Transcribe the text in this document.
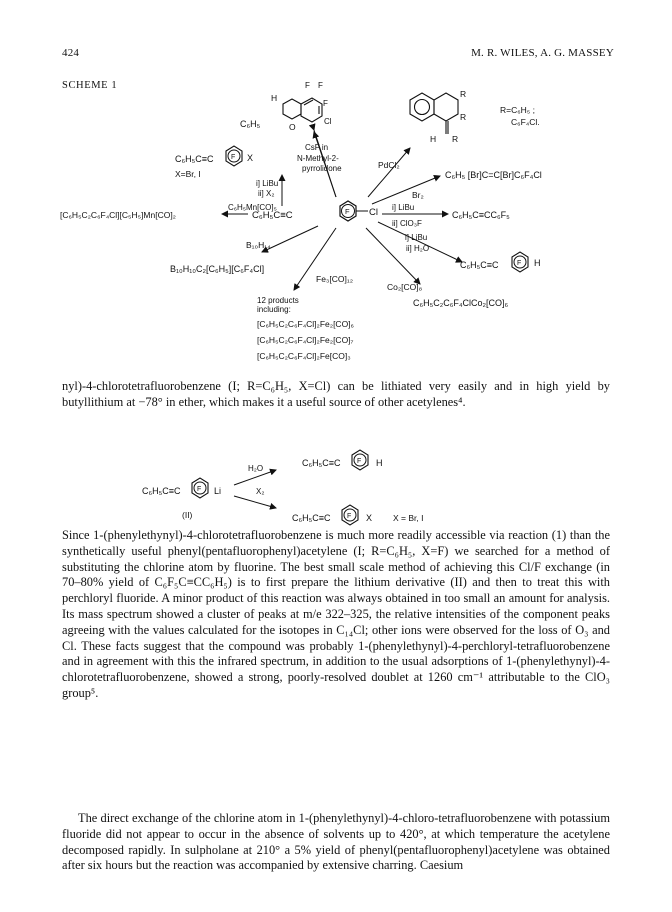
424	M. R. WILES, A. G. MASSEY
SCHEME 1
C₆H₅C≡C	F Cl
C₆H₅
H
O
F F
F
Cl
CsF in
N-Methyl-2-
pyrrolidone
R
R
H R
R=C₆H₅ ;
C₆F₄Cl.
PdCl₂
C₆H₅ [Br]C=C[Br]C₆F₄Cl
Br₂
C₆H₅C≡C F X
X=Br, I
i] LiBu
ii] X₂
C₆H₅Mn[CO]₅
[C₆H₅C₂C₆F₄Cl][C₅H₅]Mn[CO]₂
i] LiBu
ii] ClO₃F
C₆H₅C≡CC₆F₅
i] LiBu
ii] H₂O
C₆H₅C≡C	F H
Co₂[CO]₈
C₆H₅C₂C₆F₄ClCo₂[CO]₆
B₁₀H₁₄
B₁₀H₁₀C₂[C₆H₅][C₆F₄Cl]
Fe₃[CO]₁₂
12 products
including:
[C₆H₅C₂C₆F₄Cl]₂Fe₂[CO]₆
[C₆H₅C₂C₆F₄Cl]₂Fe₂[CO]₇
[C₆H₅C₂C₆F₄Cl]₂Fe[CO]₃
C₆H₅C≡C F Li
(II)
H₂O
X₂
C₆H₅C≡C F H
C₆H₅C≡C F X X = Br, I

nyl)-4-chlorotetrafluorobenzene (I; R=C₆H₅, X=Cl) can be lithiated very easily and in high yield by butyllithium at −78° in ether, which makes it a useful source of other acetylenes⁴.

Since 1-(phenylethynyl)-4-chlorotetrafluorobenzene is much more readily accessible via reaction (1) than the synthetically useful phenyl(pentafluorophenyl)acetylene (I; R=C₆H₅, X=F) we searched for a method of substituting the chlorine atom by fluorine. The best small scale method of achieving this Cl/F exchange (in 70–80% yield of C₆F₅C≡CC₆H₅) is to first prepare the lithium derivative (II) and then to treat this with perchloryl fluoride. A minor product of this reaction was always obtained in too small an amount for analysis. Its mass spectrum showed a cluster of peaks at m/e 322–325, the relative intensities of the component peaks agreeing with the values calculated for the isotopes in C₁₄Cl; other ions were observed for the loss of O₃ and Cl. These facts suggest that the compound was probably 1-(phenylethynyl)-4-perchloryl-tetrafluorobenzene and in agreement with this the infrared spectrum, in addition to the usual adsorptions of 1-(phenylethynyl)-4-chlorotetrafluorobenzene, showed a strong, poorly-resolved doublet at 1260 cm⁻¹ attributable to the ClO₃ group⁵.

The direct exchange of the chlorine atom in 1-(phenylethynyl)-4-chloro-tetrafluorobenzene with potassium fluoride did not appear to occur in the absence of solvents up to 420°, at which temperature the acetylene decomposed rapidly. In sulpholane at 210° a 5% yield of phenyl(pentafluorophenyl)acetylene was obtained after six hours but the reaction was accompanied by extensive charring. Caesium
